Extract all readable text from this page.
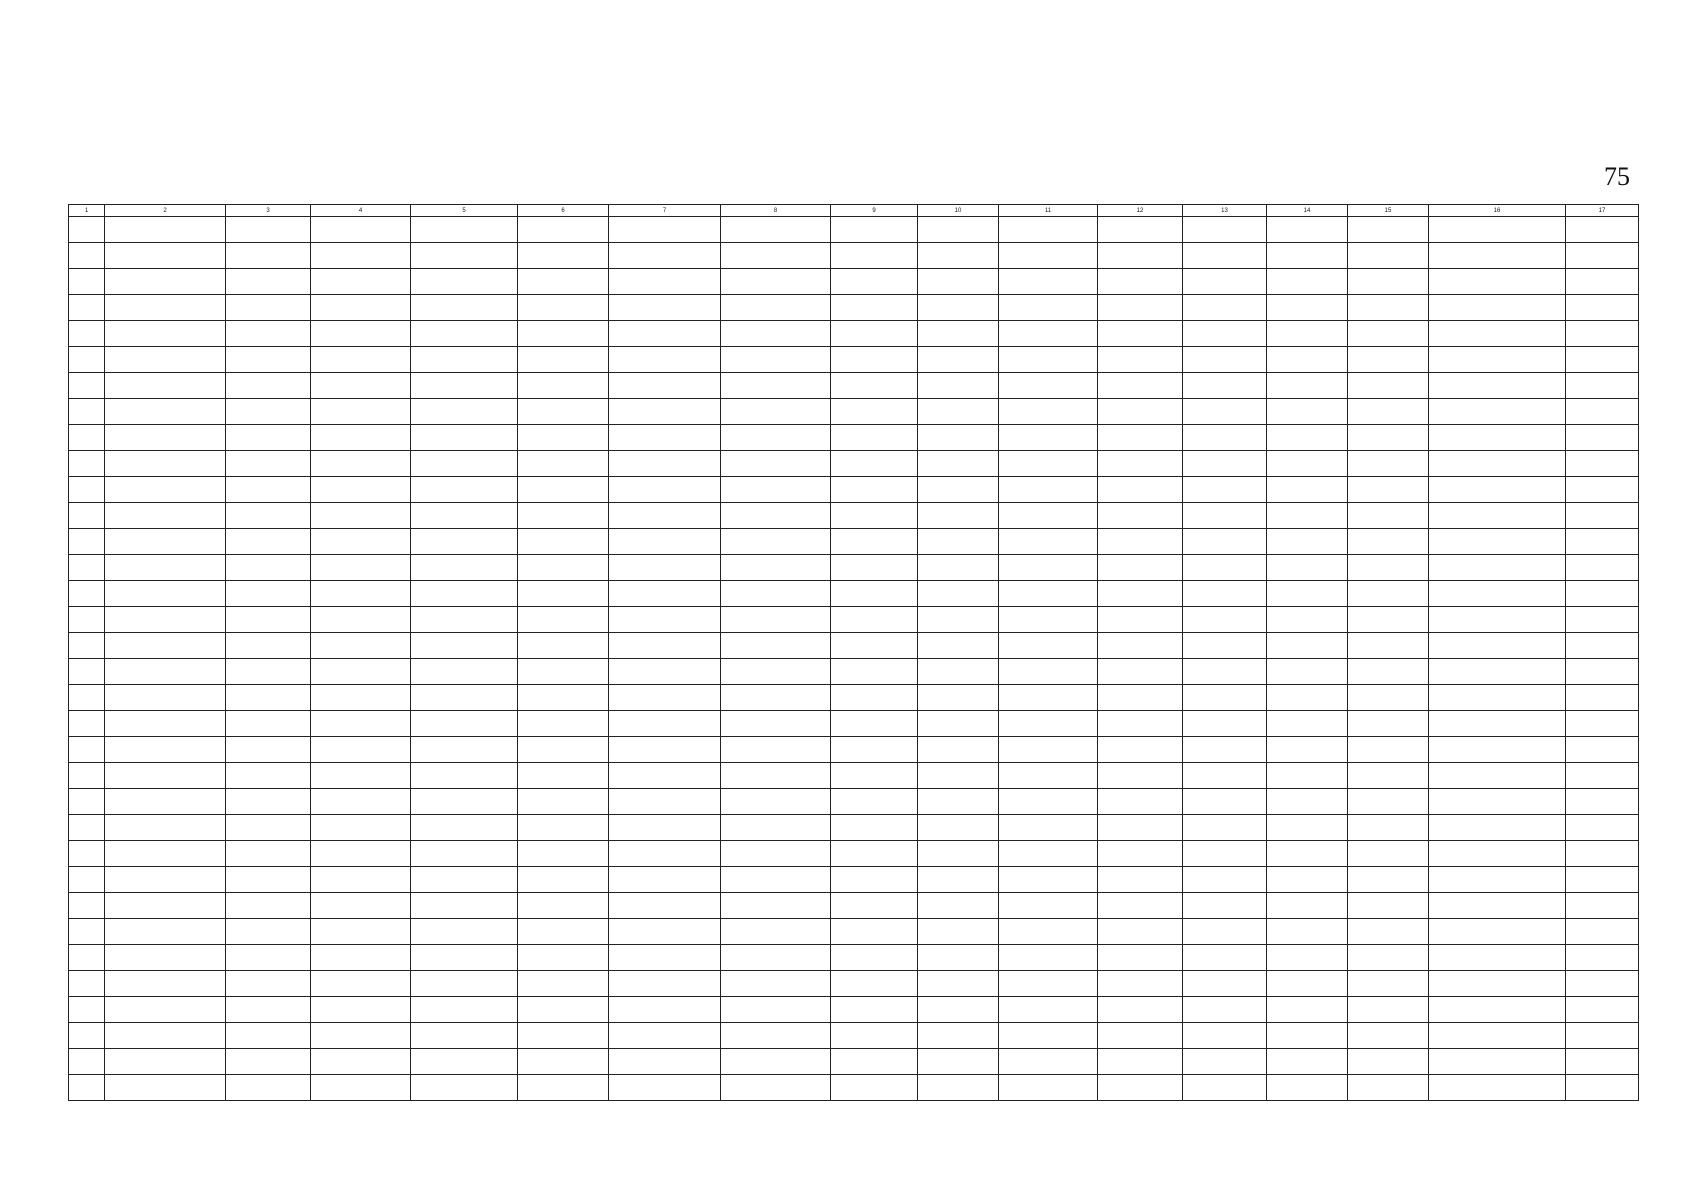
75
1	2	3	4	5	6	7	8	9	10	11	12	13	14	15	16	17
